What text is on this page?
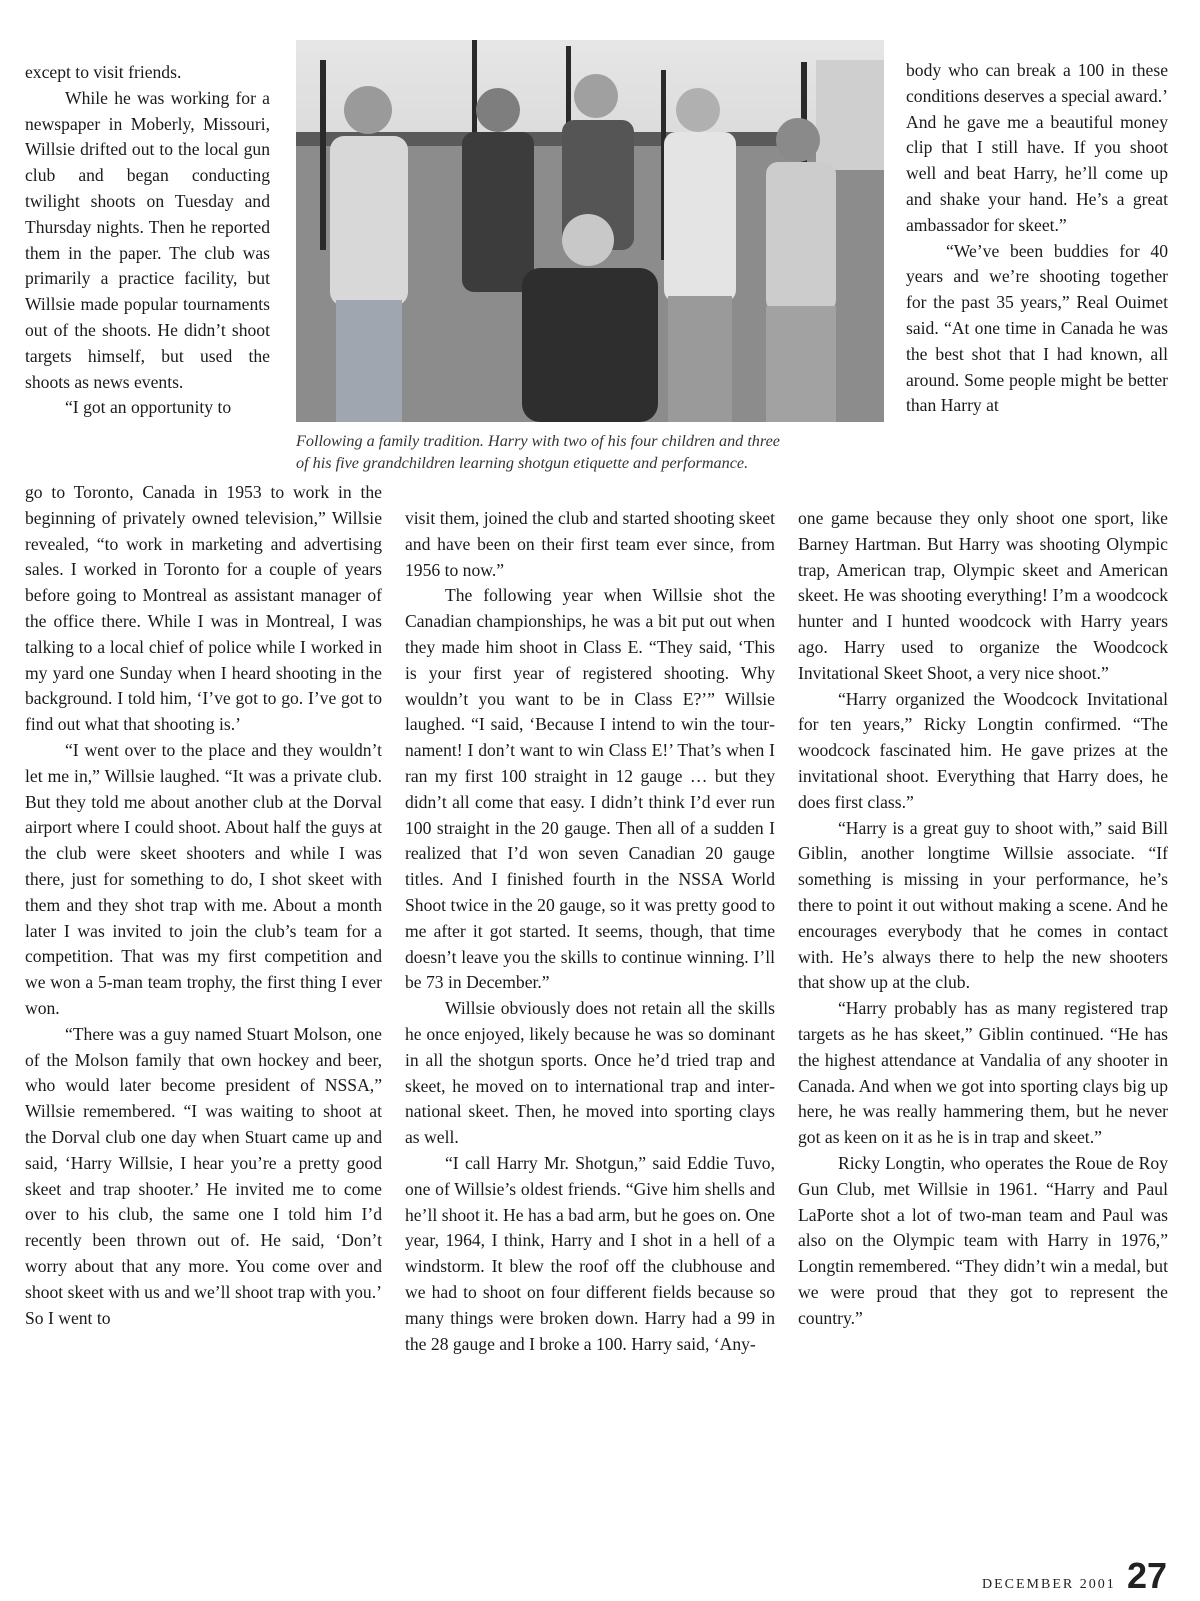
except to visit friends.

While he was working for a newspaper in Moberly, Missouri, Willsie drifted out to the local gun club and began conducting twilight shoots on Tuesday and Thursday nights. Then he reported them in the paper. The club was primarily a practice facility, but Willsie made popular tournaments out of the shoots. He didn’t shoot targets himself, but used the shoots as news events.

“I got an opportunity to

go to Toronto, Canada in 1953 to work in the beginning of privately owned television,” Willsie revealed, “to work in marketing and advertising sales. I worked in Toronto for a couple of years before going to Montreal as assistant manager of the office there. While I was in Montreal, I was talking to a local chief of police while I worked in my yard one Sunday when I heard shooting in the background. I told him, ‘I’ve got to go. I’ve got to find out what that shooting is.’

“I went over to the place and they wouldn’t let me in,” Willsie laughed. “It was a private club. But they told me about another club at the Dorval airport where I could shoot. About half the guys at the club were skeet shooters and while I was there, just for something to do, I shot skeet with them and they shot trap with me. About a month later I was invited to join the club’s team for a competition. That was my first competition and we won a 5-man team trophy, the first thing I ever won.

“There was a guy named Stuart Molson, one of the Molson family that own hockey and beer, who would later become president of NSSA,” Willsie remembered. “I was waiting to shoot at the Dorval club one day when Stuart came up and said, ‘Harry Willsie, I hear you’re a pretty good skeet and trap shooter.’ He invited me to come over to his club, the same one I told him I’d recently been thrown out of. He said, ‘Don’t worry about that any more. You come over and shoot skeet with us and we’ll shoot trap with you.’ So I went to

visit them, joined the club and started shooting skeet and have been on their first team ever since, from 1956 to now.”

The following year when Willsie shot the Canadian championships, he was a bit put out when they made him shoot in Class E. “They said, ‘This is your first year of registered shooting. Why wouldn’t you want to be in Class E?’” Willsie laughed. “I said, ‘Because I intend to win the tournament! I don’t want to win Class E!’ That’s when I ran my first 100 straight in 12 gauge … but they didn’t all come that easy. I didn’t think I’d ever run 100 straight in the 20 gauge. Then all of a sudden I realized that I’d won seven Canadian 20 gauge titles. And I finished fourth in the NSSA World Shoot twice in the 20 gauge, so it was pretty good to me after it got started. It seems, though, that time doesn’t leave you the skills to continue winning. I’ll be 73 in December.”

Willsie obviously does not retain all the skills he once enjoyed, likely because he was so dominant in all the shotgun sports. Once he’d tried trap and skeet, he moved on to international trap and international skeet. Then, he moved into sporting clays as well.

“I call Harry Mr. Shotgun,” said Eddie Tuvo, one of Willsie’s oldest friends. “Give him shells and he’ll shoot it. He has a bad arm, but he goes on. One year, 1964, I think, Harry and I shot in a hell of a windstorm. It blew the roof off the clubhouse and we had to shoot on four different fields because so many things were broken down. Harry had a 99 in the 28 gauge and I broke a 100. Harry said, ‘Any-

body who can break a 100 in these conditions deserves a special award.’ And he gave me a beautiful money clip that I still have. If you shoot well and beat Harry, he’ll come up and shake your hand. He’s a great ambassador for skeet.”

“We’ve been buddies for 40 years and we’re shooting together for the past 35 years,” Real Ouimet said. “At one time in Canada he was the best shot that I had known, all around. Some people might be better than Harry at

one game because they only shoot one sport, like Barney Hartman. But Harry was shooting Olympic trap, American trap, Olympic skeet and American skeet. He was shooting everything! I’m a woodcock hunter and I hunted woodcock with Harry years ago. Harry used to organize the Woodcock Invitational Skeet Shoot, a very nice shoot.”

“Harry organized the Woodcock Invitational for ten years,” Ricky Longtin confirmed. “The woodcock fascinated him. He gave prizes at the invitational shoot. Everything that Harry does, he does first class.”

“Harry is a great guy to shoot with,” said Bill Giblin, another longtime Willsie associate. “If something is missing in your performance, he’s there to point it out without making a scene. And he encourages everybody that he comes in contact with. He’s always there to help the new shooters that show up at the club.

“Harry probably has as many registered trap targets as he has skeet,” Giblin continued. “He has the highest attendance at Vandalia of any shooter in Canada. And when we got into sporting clays big up here, he was really hammering them, but he never got as keen on it as he is in trap and skeet.”

Ricky Longtin, who operates the Roue de Roy Gun Club, met Willsie in 1961. “Harry and Paul LaPorte shot a lot of two-man team and Paul was also on the Olympic team with Harry in 1976,” Longtin remembered. “They didn’t win a medal, but we were proud that they got to represent the country.”

Following a family tradition. Harry with two of his four children and three
of his five grandchildren learning shotgun etiquette and performance.
DECEMBER 2001 27
